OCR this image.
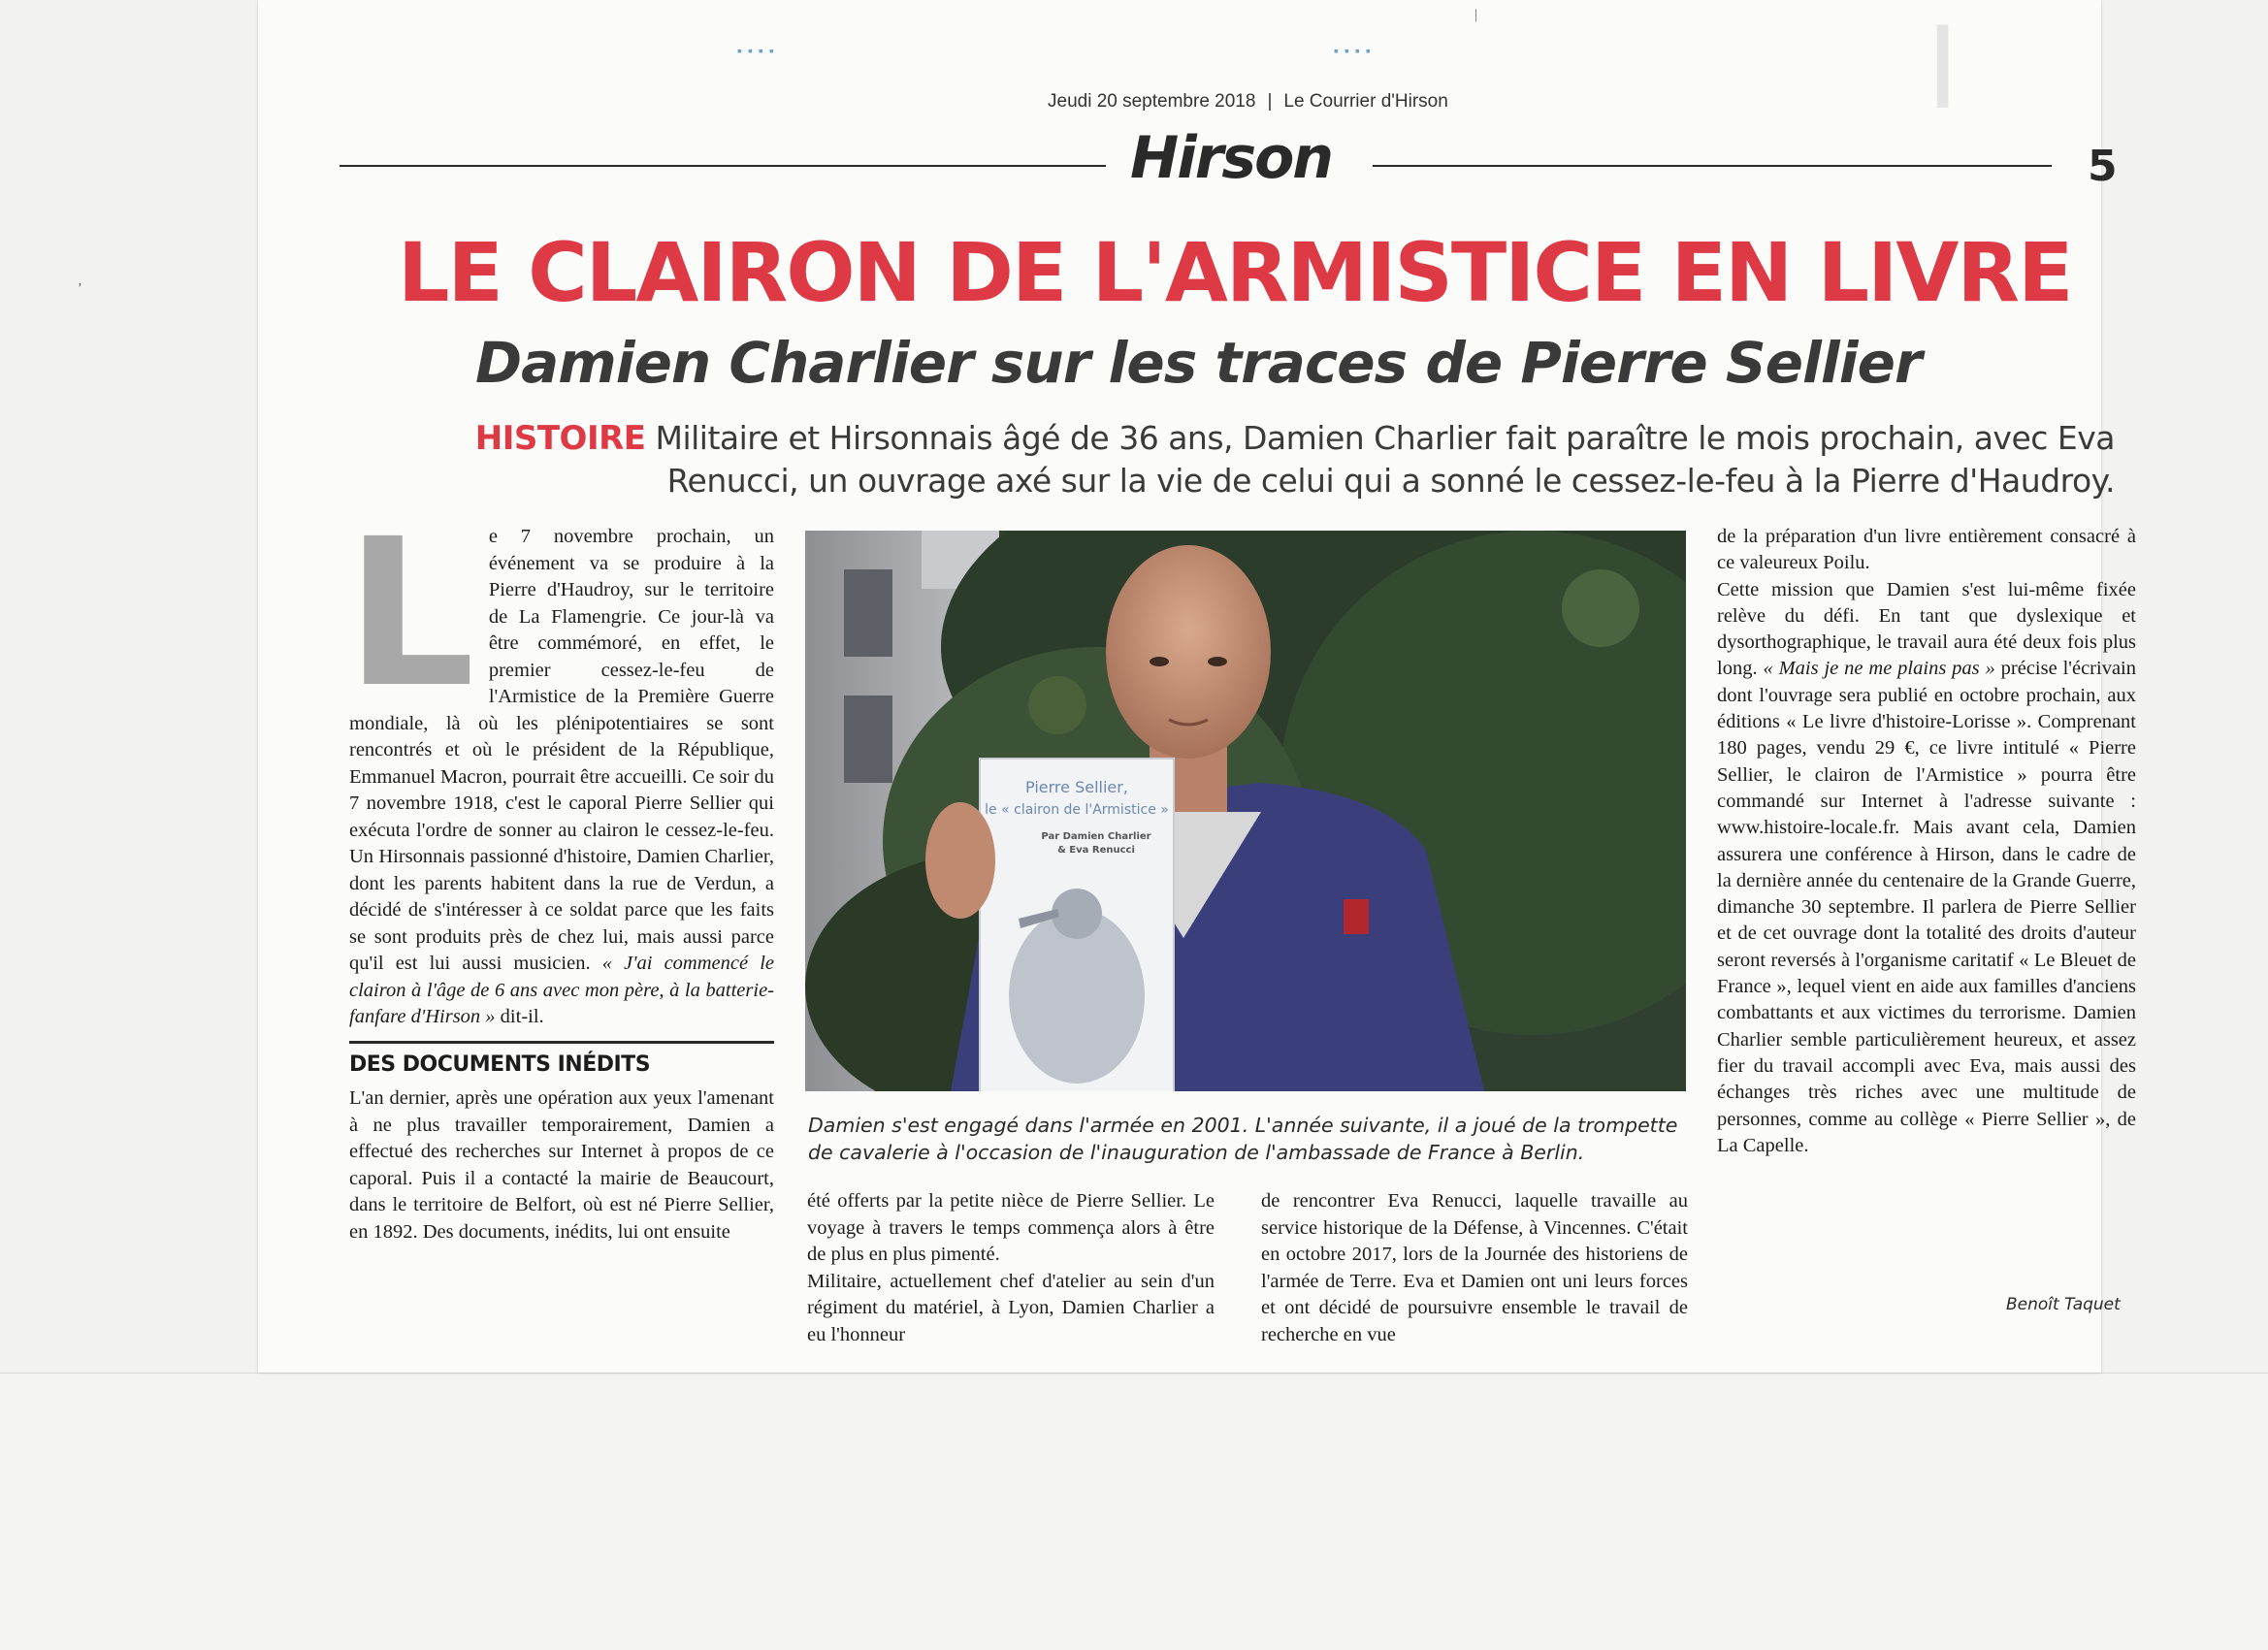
|
▪▪▪▪	▪▪▪▪
ʼ
|
Jeudi 20 septembre 2018 | Le Courrier d'Hirson
Hirson	5
LE CLAIRON DE L'ARMISTICE EN LIVRE
Damien Charlier sur les traces de Pierre Sellier
HISTOIRE Militaire et Hirsonnais âgé de 36 ans, Damien Charlier fait paraître le mois prochain, avec Eva Renucci, un ouvrage axé sur la vie de celui qui a sonné le cessez-le-feu à la Pierre d'Haudroy.

Le 7 novembre prochain, un événement va se produire à la Pierre d'Haudroy, sur le territoire de La Flamengrie. Ce jour-là va être commémoré, en effet, le premier cessez-le-feu de l'Armistice de la Première Guerre mondiale, là où les plénipotentiaires se sont rencontrés et où le président de la République, Emmanuel Macron, pourrait être accueilli. Ce soir du 7 novembre 1918, c'est le caporal Pierre Sellier qui exécuta l'ordre de sonner au clairon le cessez-le-feu. Un Hirsonnais passionné d'histoire, Damien Charlier, dont les parents habitent dans la rue de Verdun, a décidé de s'intéresser à ce soldat parce que les faits se sont produits près de chez lui, mais aussi parce qu'il est lui aussi musicien. « J'ai commencé le clairon à l'âge de 6 ans avec mon père, à la batterie-fanfare d'Hirson » dit-il.

DES DOCUMENTS INÉDITS

L'an dernier, après une opération aux yeux l'amenant à ne plus travailler temporairement, Damien a effectué des recherches sur Internet à propos de ce caporal. Puis il a contacté la mairie de Beaucourt, dans le territoire de Belfort, où est né Pierre Sellier, en 1892. Des documents, inédits, lui ont ensuite

Pierre Sellier,
le « clairon de l'Armistice »
Par Damien Charlier
& Eva Renucci
Damien s'est engagé dans l'armée en 2001. L'année suivante, il a joué de la trompette de cavalerie à l'occasion de l'inauguration de l'ambassade de France à Berlin.

été offerts par la petite nièce de Pierre Sellier. Le voyage à travers le temps commença alors à être de plus en plus pimenté.

Militaire, actuellement chef d'atelier au sein d'un régiment du matériel, à Lyon, Damien Charlier a eu l'honneur

de rencontrer Eva Renucci, laquelle travaille au service historique de la Défense, à Vincennes. C'était en octobre 2017, lors de la Journée des historiens de l'armée de Terre. Eva et Damien ont uni leurs forces et ont décidé de poursuivre ensemble le travail de recherche en vue

de la préparation d'un livre entièrement consacré à ce valeureux Poilu.

Cette mission que Damien s'est lui-même fixée relève du défi. En tant que dyslexique et dysorthographique, le travail aura été deux fois plus long. « Mais je ne me plains pas » précise l'écrivain dont l'ouvrage sera publié en octobre prochain, aux éditions « Le livre d'histoire-Lorisse ». Comprenant 180 pages, vendu 29 €, ce livre intitulé « Pierre Sellier, le clairon de l'Armistice » pourra être commandé sur Internet à l'adresse suivante : www.histoire-locale.fr. Mais avant cela, Damien assurera une conférence à Hirson, dans le cadre de la dernière année du centenaire de la Grande Guerre, dimanche 30 septembre. Il parlera de Pierre Sellier et de cet ouvrage dont la totalité des droits d'auteur seront reversés à l'organisme caritatif « Le Bleuet de France », lequel vient en aide aux familles d'anciens combattants et aux victimes du terrorisme. Damien Charlier semble particulièrement heureux, et assez fier du travail accompli avec Eva, mais aussi des échanges très riches avec une multitude de personnes, comme au collège « Pierre Sellier », de La Capelle.

Benoît Taquet
